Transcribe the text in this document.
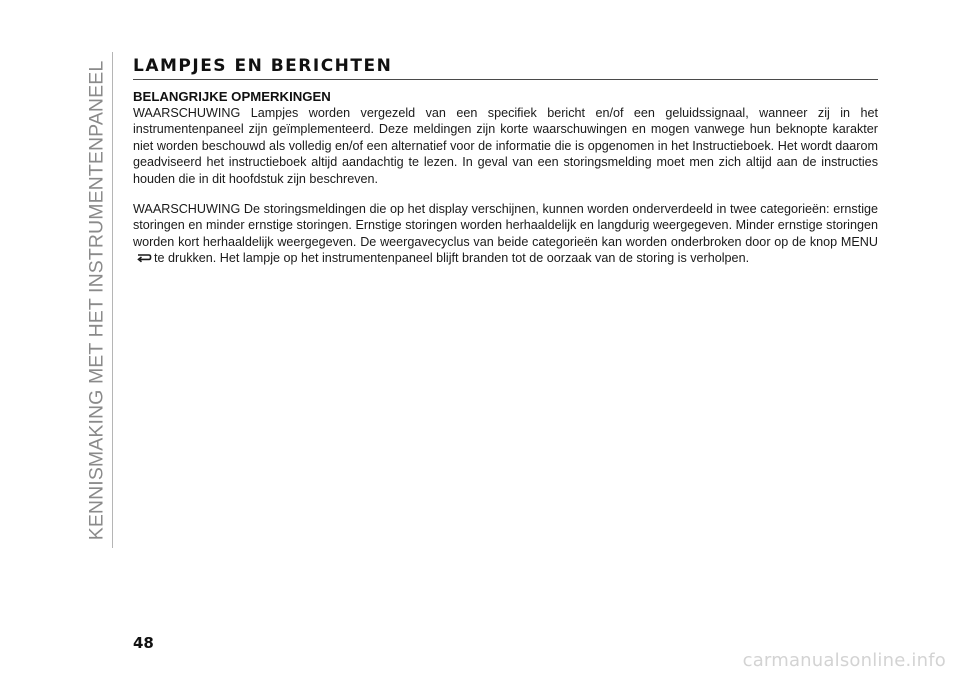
KENNISMAKING MET HET INSTRUMENTENPANEEL LAMPJES EN BERICHTEN
BELANGRIJKE OPMERKINGEN

WAARSCHUWING Lampjes worden vergezeld van een specifiek bericht en/of een geluidssignaal, wanneer zij in het instrumentenpaneel zijn geïmplementeerd. Deze meldingen zijn korte waarschuwingen en mogen vanwege hun beknopte karakter niet worden beschouwd als volledig en/of een alternatief voor de informatie die is opgenomen in het Instructieboek. Het wordt daarom geadviseerd het instructieboek altijd aandachtig te lezen. In geval van een storingsmelding moet men zich altijd aan de instructies houden die in dit hoofdstuk zijn beschreven.

WAARSCHUWING De storingsmeldingen die op het display verschijnen, kunnen worden onderverdeeld in twee categorieën: ernstige storingen en minder ernstige storingen. Ernstige storingen worden herhaaldelijk en langdurig weergegeven. Minder ernstige storingen worden kort herhaaldelijk weergegeven. De weergavecyclus van beide categorieën kan worden onderbroken door op de knop MENUte drukken. Het lampje op het instrumentenpaneel blijft branden tot de oorzaak van de storing is verholpen.

48
carmanualsonline.info
